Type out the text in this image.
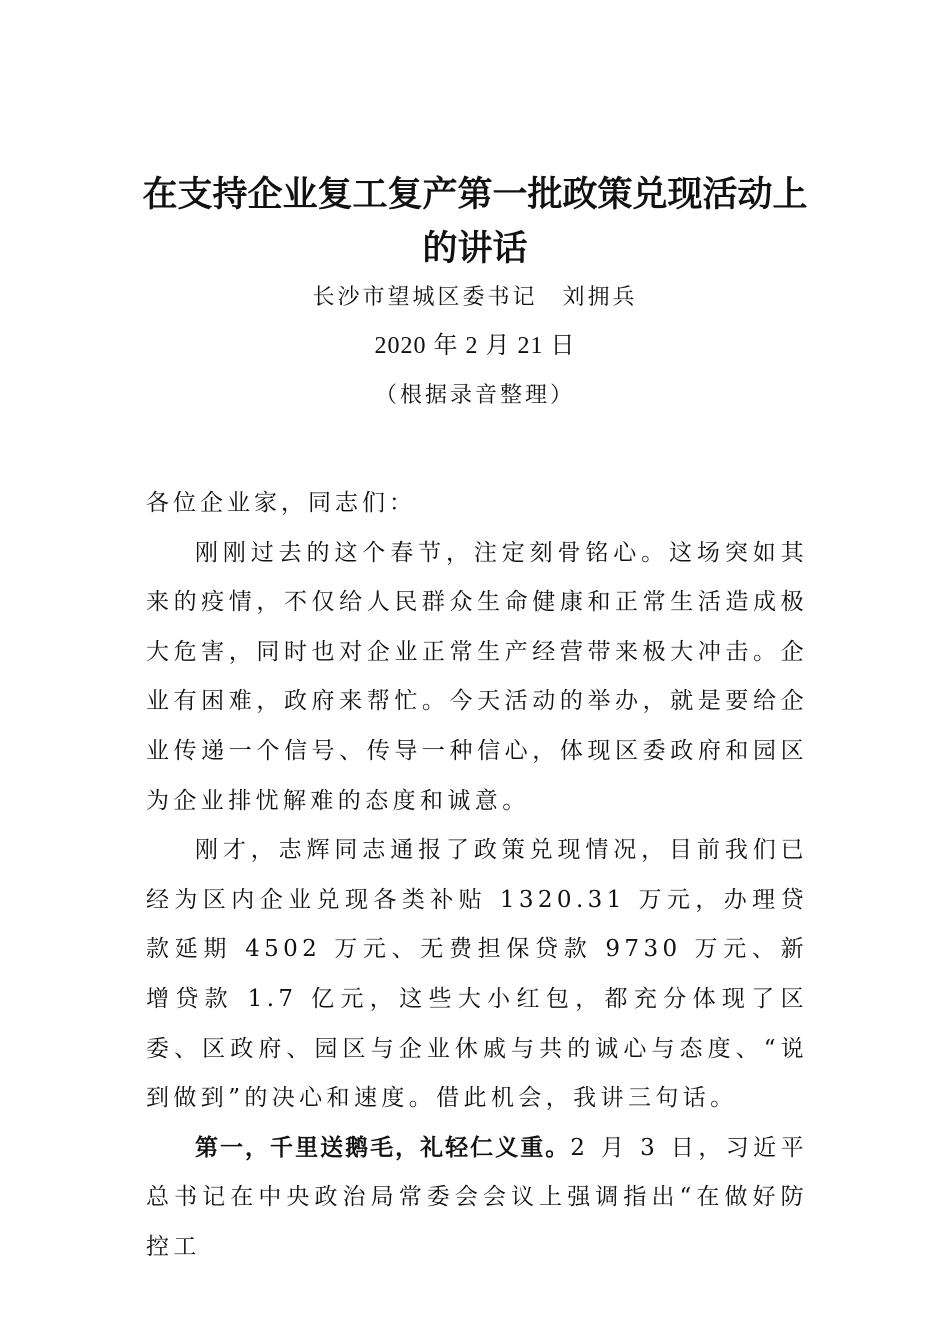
在支持企业复工复产第一批政策兑现活动上的讲话
长沙市望城区委书记　刘拥兵
2020 年 2 月 21 日
（根据录音整理）

各位企业家，同志们：

刚刚过去的这个春节，注定刻骨铭心。这场突如其来的疫情，不仅给人民群众生命健康和正常生活造成极大危害，同时也对企业正常生产经营带来极大冲击。企业有困难，政府来帮忙。今天活动的举办，就是要给企业传递一个信号、传导一种信心，体现区委政府和园区为企业排忧解难的态度和诚意。

刚才，志辉同志通报了政策兑现情况，目前我们已经为区内企业兑现各类补贴 1320.31 万元，办理贷款延期 4502 万元、无费担保贷款 9730 万元、新增贷款 1.7 亿元，这些大小红包，都充分体现了区委、区政府、园区与企业休戚与共的诚心与态度、“说到做到”的决心和速度。借此机会，我讲三句话。

第一，千里送鹅毛，礼轻仁义重。2 月 3 日，习近平总书记在中央政治局常委会会议上强调指出“在做好防控工
